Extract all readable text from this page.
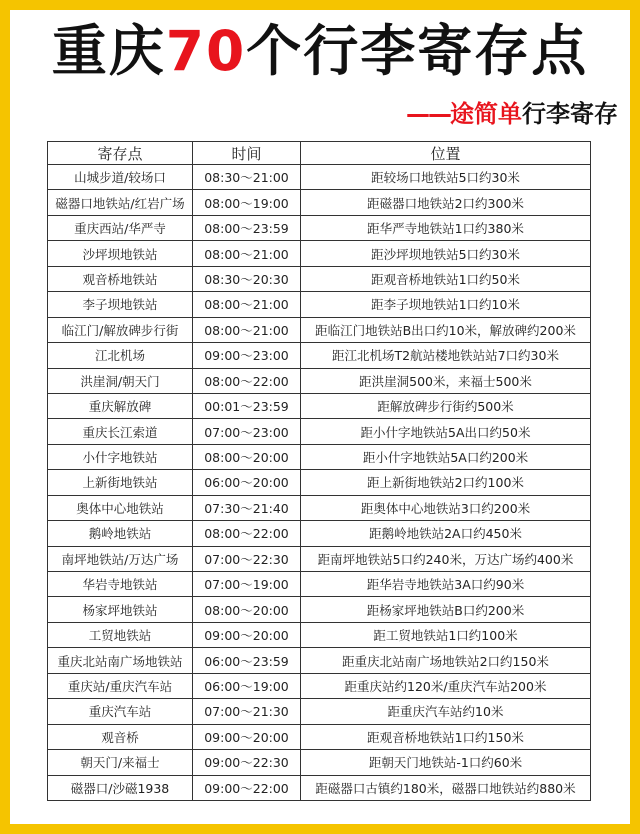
重庆70个行李寄存点
——途简单行李寄存
寄存点	时间	位置
山城步道/较场口	08:30～21:00	距较场口地铁站5口约30米
磁器口地铁站/红岩广场	08:00～19:00	距磁器口地铁站2口约300米
重庆西站/华严寺	08:00～23:59	距华严寺地铁站1口约380米
沙坪坝地铁站	08:00～21:00	距沙坪坝地铁站5口约30米
观音桥地铁站	08:30～20:30	距观音桥地铁站1口约50米
李子坝地铁站	08:00～21:00	距李子坝地铁站1口约10米
临江门/解放碑步行街	08:00～21:00	距临江门地铁站B出口约10米，解放碑约200米
江北机场	09:00～23:00	距江北机场T2航站楼地铁站站7口约30米
洪崖洞/朝天门	08:00～22:00	距洪崖洞500米，来福士500米
重庆解放碑	00:01～23:59	距解放碑步行街约500米
重庆长江索道	07:00～23:00	距小什字地铁站5A出口约50米
小什字地铁站	08:00～20:00	距小什字地铁站5A口约200米
上新街地铁站	06:00～20:00	距上新街地铁站2口约100米
奥体中心地铁站	07:30～21:40	距奥体中心地铁站3口约200米
鹅岭地铁站	08:00～22:00	距鹅岭地铁站2A口约450米
南坪地铁站/万达广场	07:00～22:30	距南坪地铁站5口约240米，万达广场约400米
华岩寺地铁站	07:00～19:00	距华岩寺地铁站3A口约90米
杨家坪地铁站	08:00～20:00	距杨家坪地铁站B口约200米
工贸地铁站	09:00～20:00	距工贸地铁站1口约100米
重庆北站南广场地铁站	06:00～23:59	距重庆北站南广场地铁站2口约150米
重庆站/重庆汽车站	06:00～19:00	距重庆站约120米/重庆汽车站200米
重庆汽车站	07:00～21:30	距重庆汽车站约10米
观音桥	09:00～20:00	距观音桥地铁站1口约150米
朝天门/来福士	09:00～22:30	距朝天门地铁站-1口约60米
磁器口/沙磁1938	09:00～22:00	距磁器口古镇约180米，磁器口地铁站约880米
